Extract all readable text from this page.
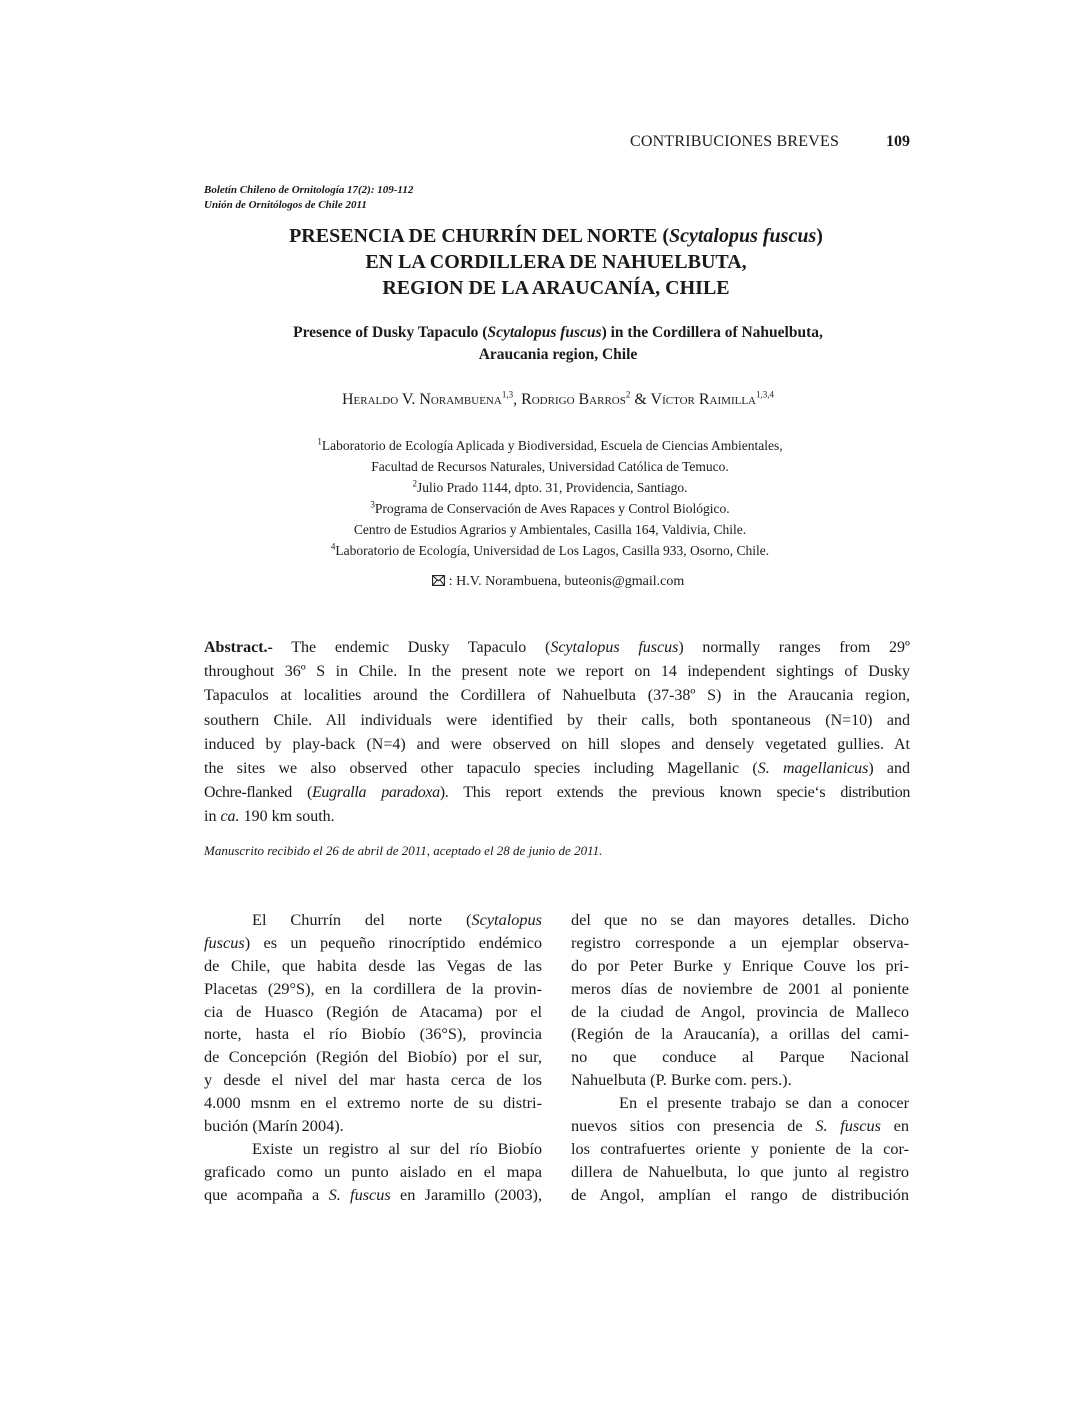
CONTRIBUCIONES BREVES	109
Boletín Chileno de Ornitología 17(2): 109-112
Unión de Ornitólogos de Chile 2011
PRESENCIA DE CHURRÍN DEL NORTE (Scytalopus fuscus)
EN LA CORDILLERA DE NAHUELBUTA,
REGION DE LA ARAUCANÍA, CHILE
Presence of Dusky Tapaculo (Scytalopus fuscus) in the Cordillera of Nahuelbuta,
Araucania region, Chile
Heraldo V. Norambuena$^{1,3}$, Rodrigo Barros$^2$ & Víctor Raimilla$^{1,3,4}$
$^1$Laboratorio de Ecología Aplicada y Biodiversidad, Escuela de Ciencias Ambientales,
Facultad de Recursos Naturales, Universidad Católica de Temuco.
$^2$Julio Prado 1144, dpto. 31, Providencia, Santiago.
$^3$Programa de Conservación de Aves Rapaces y Control Biológico.
Centro de Estudios Agrarios y Ambientales, Casilla 164, Valdivia, Chile.
$^4$Laboratorio de Ecología, Universidad de Los Lagos, Casilla 933, Osorno, Chile.
: H.V. Norambuena, buteonis@gmail.com
Abstract.- The endemic Dusky Tapaculo (Scytalopus fuscus) normally ranges from 29º
throughout 36º S in Chile. In the present note we report on 14 independent sightings of Dusky
Tapaculos at localities around the Cordillera of Nahuelbuta (37-38º S) in the Araucania region,
southern Chile. All individuals were identified by their calls, both spontaneous (N=10) and
induced by play-back (N=4) and were observed on hill slopes and densely vegetated gullies. At
the sites we also observed other tapaculo species including Magellanic (S. magellanicus) and
Ochre-flanked (Eugralla paradoxa). This report extends the previous known specie‘s distribution
in ca. 190 km south.
Manuscrito recibido el 26 de abril de 2011, aceptado el 28 de junio de 2011.
El Churrín del norte (Scytalopus
fuscus) es un pequeño rinocríptido endémico
de Chile, que habita desde las Vegas de las
Placetas (29°S), en la cordillera de la provin-
cia de Huasco (Región de Atacama) por el
norte, hasta el río Biobío (36°S), provincia
de Concepción (Región del Biobío) por el sur,
y desde el nivel del mar hasta cerca de los
4.000 msnm en el extremo norte de su distri-
bución (Marín 2004).
Existe un registro al sur del río Biobío
graficado como un punto aislado en el mapa
que acompaña a S. fuscus en Jaramillo (2003),
del que no se dan mayores detalles. Dicho
registro corresponde a un ejemplar observa-
do por Peter Burke y Enrique Couve los pri-
meros días de noviembre de 2001 al poniente
de la ciudad de Angol, provincia de Malleco
(Región de la Araucanía), a orillas del cami-
no que conduce al Parque Nacional
Nahuelbuta (P. Burke com. pers.).
En el presente trabajo se dan a conocer
nuevos sitios con presencia de S. fuscus en
los contrafuertes oriente y poniente de la cor-
dillera de Nahuelbuta, lo que junto al registro
de Angol, amplían el rango de distribución
